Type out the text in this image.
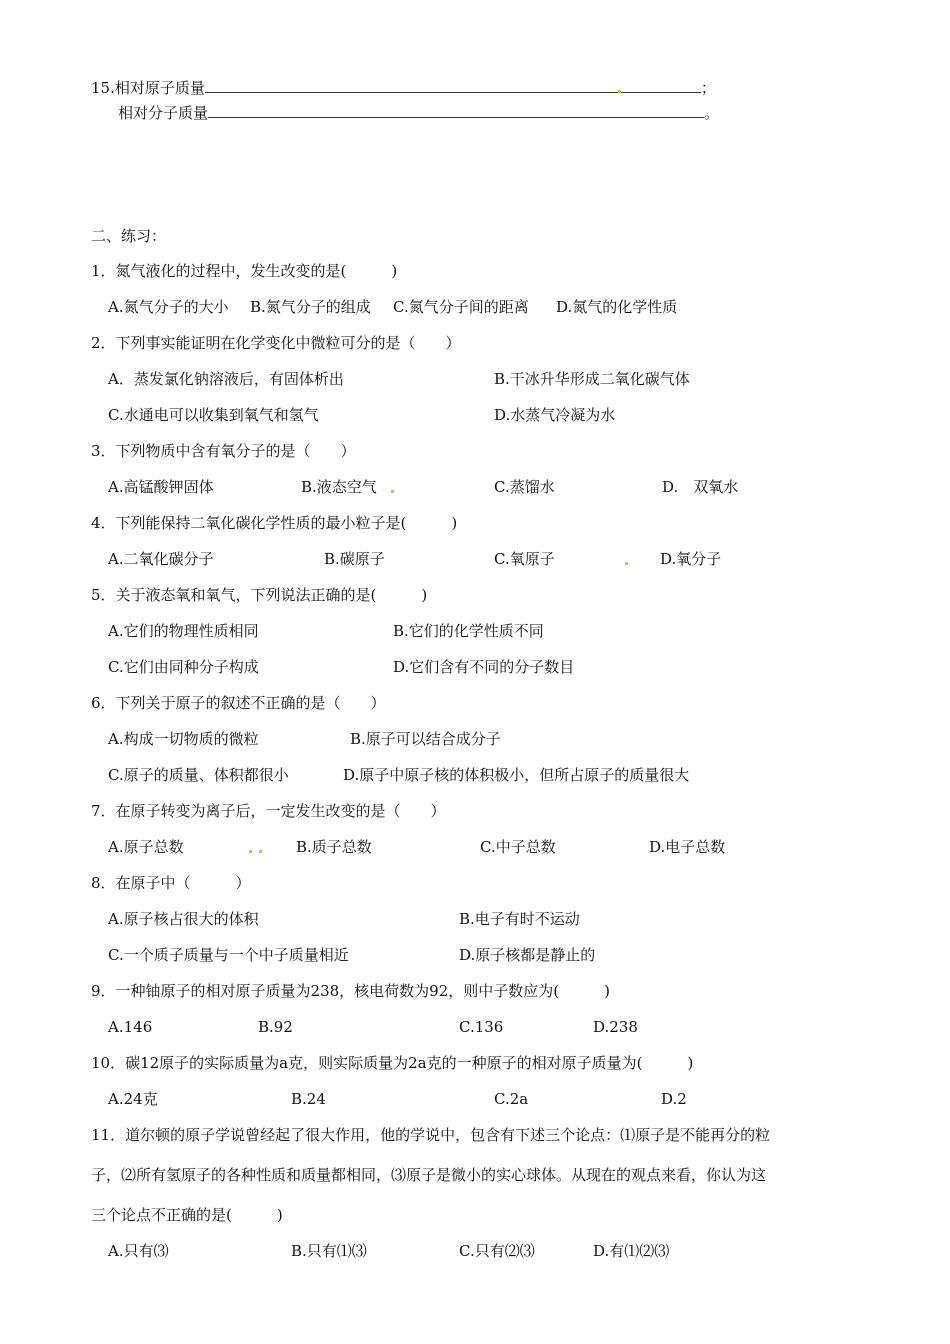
15.相对原子质量	；
相对分子质量	。
二、练习：
1．氮气液化的过程中，发生改变的是(　　　)
A.氮气分子的大小 B.氮气分子的组成 C.氮气分子间的距离 D.氮气的化学性质
2．下列事实能证明在化学变化中微粒可分的是（　　）
A．蒸发氯化钠溶液后，有固体析出	B.干冰升华形成二氧化碳气体
C.水通电可以收集到氧气和氢气	D.水蒸气冷凝为水
3．下列物质中含有氧分子的是（　　）
A.高锰酸钾固体	B.液态空气	C.蒸馏水	D.　双氧水
4．下列能保持二氧化碳化学性质的最小粒子是(　　　)
A.二氧化碳分子	B.碳原子	C.氧原子	D.氧分子
5．关于液态氧和氧气，下列说法正确的是(　　　)
A.它们的物理性质相同	B.它们的化学性质不同
C.它们由同种分子构成	D.它们含有不同的分子数目
6．下列关于原子的叙述不正确的是（　　）
A.构成一切物质的微粒	B.原子可以结合成分子
C.原子的质量、体积都很小	D.原子中原子核的体积极小，但所占原子的质量很大
7．在原子转变为离子后，一定发生改变的是（　　）
A.原子总数	B.质子总数	C.中子总数	D.电子总数
8．在原子中（　　　）
A.原子核占很大的体积	B.电子有时不运动
C.一个质子质量与一个中子质量相近	D.原子核都是静止的
9．一种铀原子的相对原子质量为238，核电荷数为92，则中子数应为(　　　)
A.146	B.92	C.136	D.238
10．碳12原子的实际质量为a克，则实际质量为2a克的一种原子的相对原子质量为(　　　)
A.24克	B.24	C.2a	D.2
11．道尔顿的原子学说曾经起了很大作用，他的学说中，包含有下述三个论点：⑴原子是不能再分的粒
子，⑵所有氢原子的各种性质和质量都相同，⑶原子是微小的实心球体。从现在的观点来看，你认为这
三个论点不正确的是(　　　)
A.只有⑶	B.只有⑴⑶	C.只有⑵⑶	D.有⑴⑵⑶
